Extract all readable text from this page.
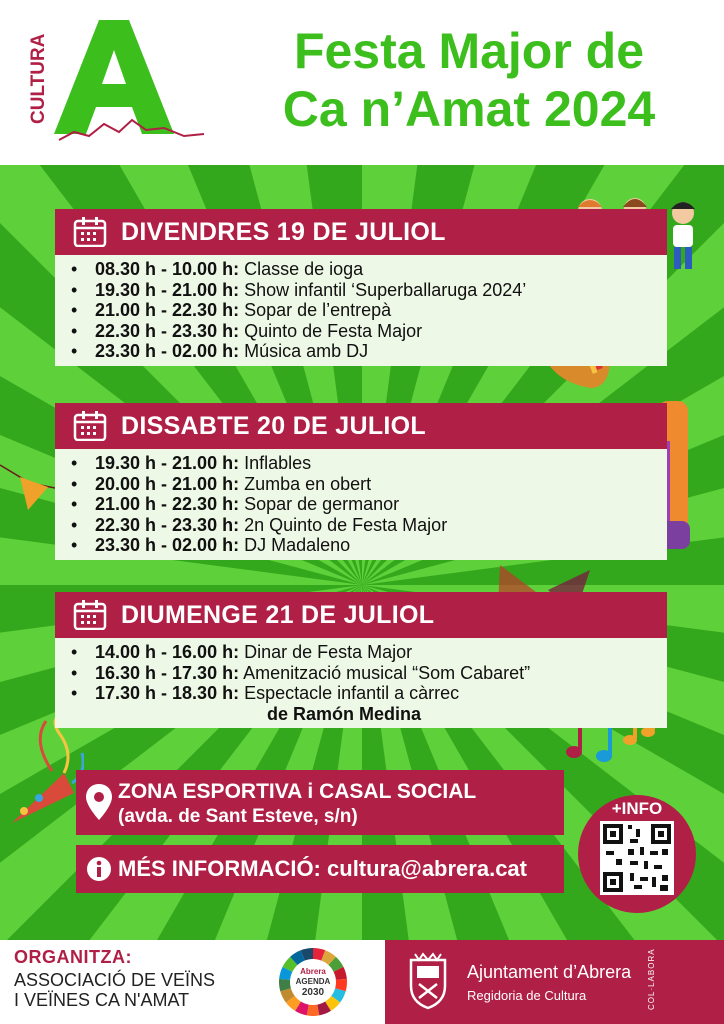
CULTURA	Festa Major de
Ca n’Amat 2024
DIVENDRES 19 DE JULIOL
• 08.30 h - 10.00 h: Classe de ioga
• 19.30 h - 21.00 h: Show infantil ‘Superballaruga 2024’
• 21.00 h - 22.30 h: Sopar de l’entrepà
• 22.30 h - 23.30 h: Quinto de Festa Major
• 23.30 h - 02.00 h: Música amb DJ
DISSABTE 20 DE JULIOL
• 19.30 h - 21.00 h: Inflables
• 20.00 h - 21.00 h: Zumba en obert
• 21.00 h - 22.30 h: Sopar de germanor
• 22.30 h - 23.30 h: 2n Quinto de Festa Major
• 23.30 h - 02.00 h: DJ Madaleno
DIUMENGE 21 DE JULIOL
• 14.00 h - 16.00 h: Dinar de Festa Major
• 16.30 h - 17.30 h: Amenització musical “Som Cabaret”
• 17.30 h - 18.30 h: Espectacle infantil a càrrec
de Ramón Medina
ZONA ESPORTIVA i CASAL SOCIAL
(avda. de Sant Esteve, s/n)
MÉS INFORMACIÓ: cultura@abrera.cat
+INFO
ORGANITZA:
ASSOCIACIÓ DE VEÏNS
I VEÏNES CA N'AMAT
Abrera
AGENDA
2030
Ajuntament d’Abrera
Regidoria de Cultura	COL·LABORA
